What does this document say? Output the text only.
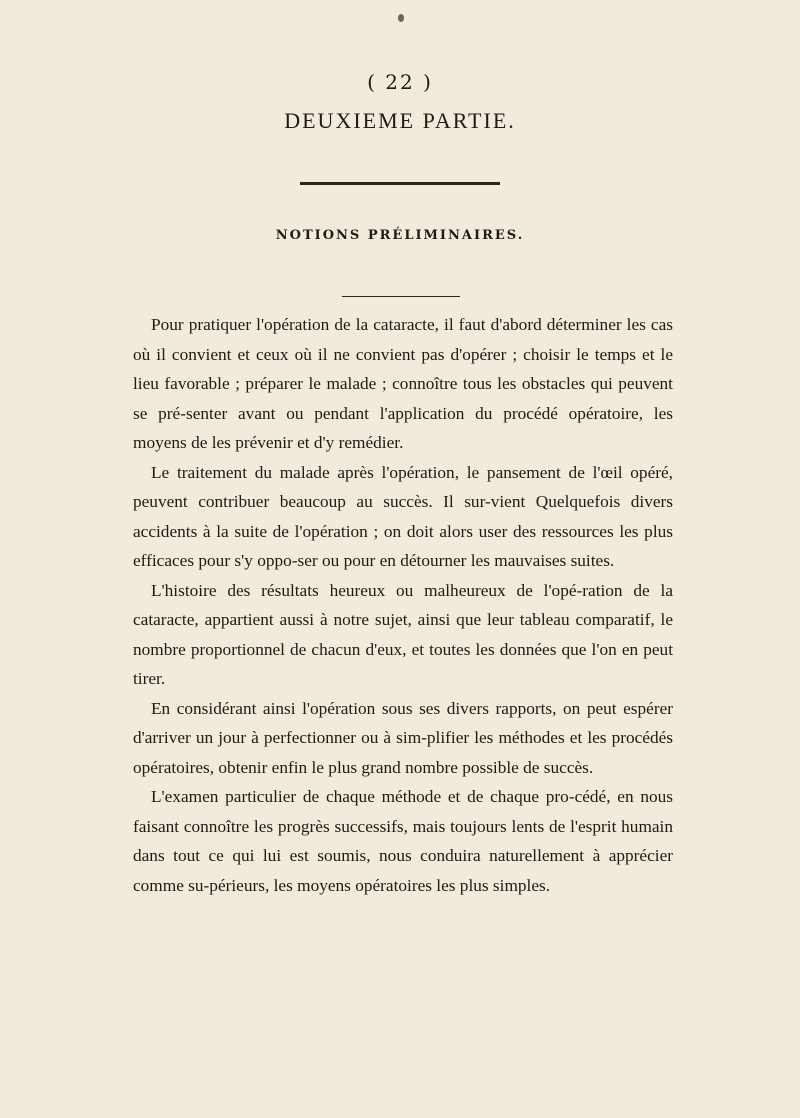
( 22 )
DEUXIEME PARTIE.
NOTIONS PRÉLIMINAIRES.

Pour pratiquer l'opération de la cataracte, il faut d'abord déterminer les cas où il convient et ceux où il ne convient pas d'opérer ; choisir le temps et le lieu favorable ; préparer le malade ; connoître tous les obstacles qui peuvent se pré-senter avant ou pendant l'application du procédé opératoire, les moyens de les prévenir et d'y remédier.

Le traitement du malade après l'opération, le pansement de l'œil opéré, peuvent contribuer beaucoup au succès. Il sur-vient Quelquefois divers accidents à la suite de l'opération ; on doit alors user des ressources les plus efficaces pour s'y oppo-ser ou pour en détourner les mauvaises suites.

L'histoire des résultats heureux ou malheureux de l'opé-ration de la cataracte, appartient aussi à notre sujet, ainsi que leur tableau comparatif, le nombre proportionnel de chacun d'eux, et toutes les données que l'on en peut tirer.

En considérant ainsi l'opération sous ses divers rapports, on peut espérer d'arriver un jour à perfectionner ou à sim-plifier les méthodes et les procédés opératoires, obtenir enfin le plus grand nombre possible de succès.

L'examen particulier de chaque méthode et de chaque pro-cédé, en nous faisant connoître les progrès successifs, mais toujours lents de l'esprit humain dans tout ce qui lui est soumis, nous conduira naturellement à apprécier comme su-périeurs, les moyens opératoires les plus simples.
